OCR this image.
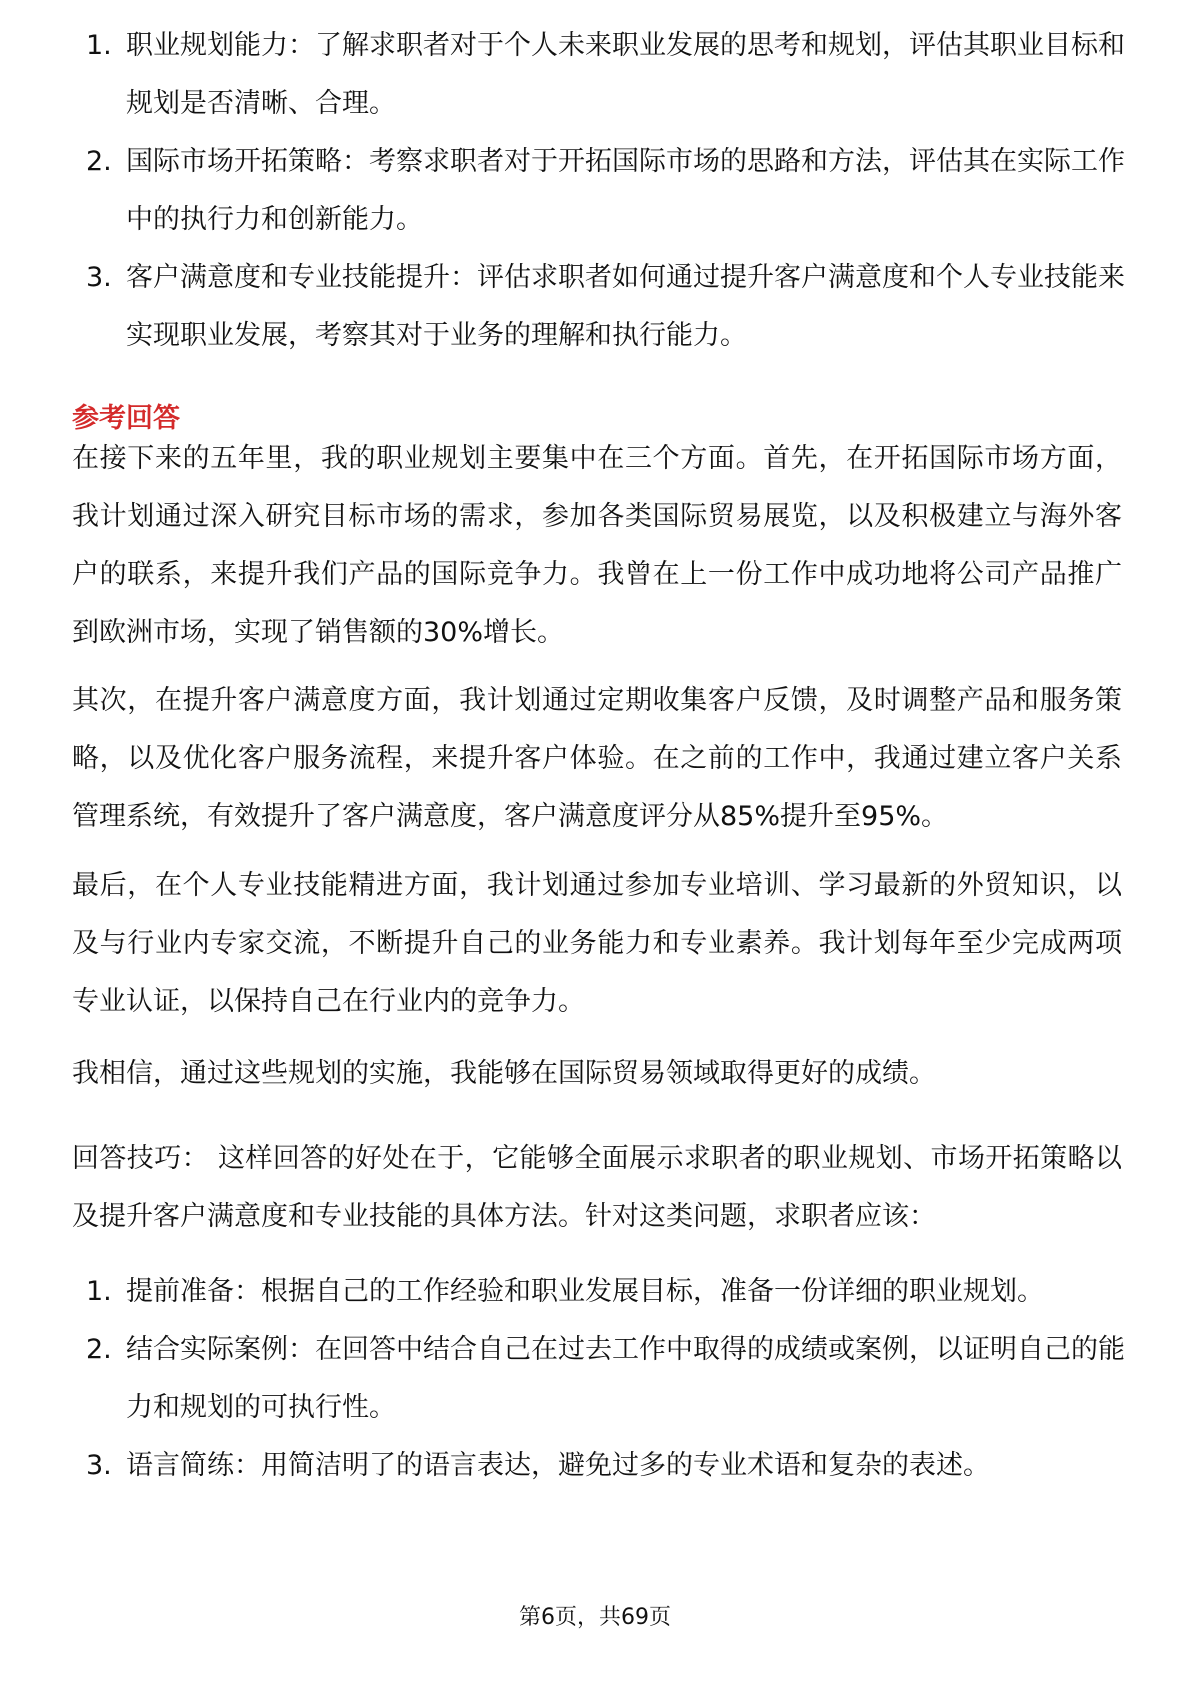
1. 职业规划能力：了解求职者对于个人未来职业发展的思考和规划，评估其职业目标和规划是否清晰、合理。
2. 国际市场开拓策略：考察求职者对于开拓国际市场的思路和方法，评估其在实际工作中的执行力和创新能力。
3. 客户满意度和专业技能提升：评估求职者如何通过提升客户满意度和个人专业技能来实现职业发展，考察其对于业务的理解和执行能力。
参考回答

在接下来的五年里，我的职业规划主要集中在三个方面。首先，在开拓国际市场方面，我计划通过深入研究目标市场的需求，参加各类国际贸易展览，以及积极建立与海外客户的联系，来提升我们产品的国际竞争力。我曾在上一份工作中成功地将公司产品推广到欧洲市场，实现了销售额的30%增长。

其次，在提升客户满意度方面，我计划通过定期收集客户反馈，及时调整产品和服务策略，以及优化客户服务流程，来提升客户体验。在之前的工作中，我通过建立客户关系管理系统，有效提升了客户满意度，客户满意度评分从85%提升至95%。

最后，在个人专业技能精进方面，我计划通过参加专业培训、学习最新的外贸知识，以及与行业内专家交流，不断提升自己的业务能力和专业素养。我计划每年至少完成两项专业认证，以保持自己在行业内的竞争力。

我相信，通过这些规划的实施，我能够在国际贸易领域取得更好的成绩。

回答技巧： 这样回答的好处在于，它能够全面展示求职者的职业规划、市场开拓策略以及提升客户满意度和专业技能的具体方法。针对这类问题，求职者应该：

1. 提前准备：根据自己的工作经验和职业发展目标，准备一份详细的职业规划。
2. 结合实际案例：在回答中结合自己在过去工作中取得的成绩或案例，以证明自己的能力和规划的可执行性。
3. 语言简练：用简洁明了的语言表达，避免过多的专业术语和复杂的表述。
第6页，共69页
